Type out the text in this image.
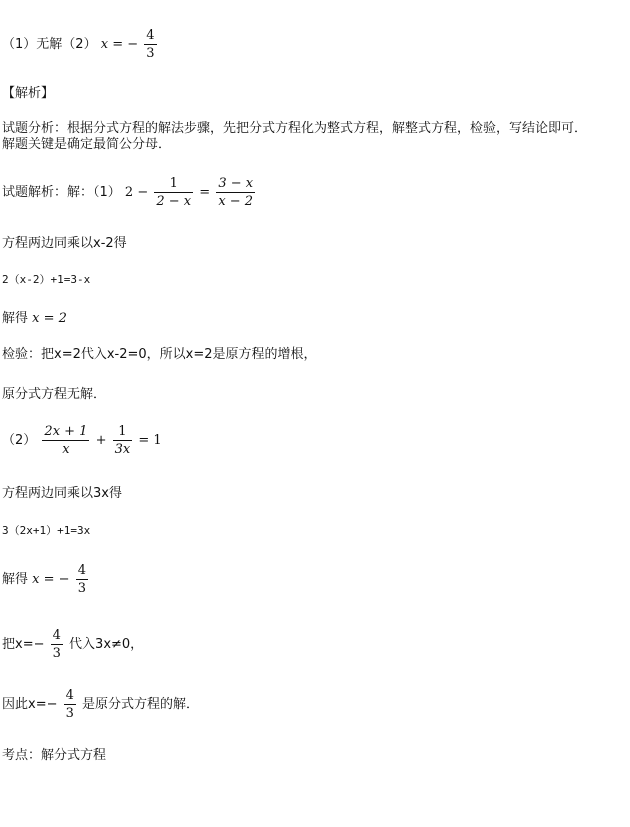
（1）无解（2） x = − $\frac{4}{3}$
【解析】
试题分析：根据分式方程的解法步骤，先把分式方程化为整式方程，解整式方程，检验，写结论即可．
解题关键是确定最简公分母．
试题解析：解：（1） $2 - \frac{1}{2 - x} = \frac{3 - x}{x - 2}$
方程两边同乘以x-2得
2（x-2）+1=3-x
解得 x = 2
检验：把x=2代入x-2=0，所以x=2是原方程的增根，
原分式方程无解．
$(2) \frac{2x + 1}{x} + \frac{1}{3x} = 1$
方程两边同乘以3x得
3（2x+1）+1=3x
解得 x = − $\frac{4}{3}$
把$x=- \frac{4}{3}$ 代入3x≠0，
因此$x=- \frac{4}{3}$ 是原分式方程的解．
考点：解分式方程
